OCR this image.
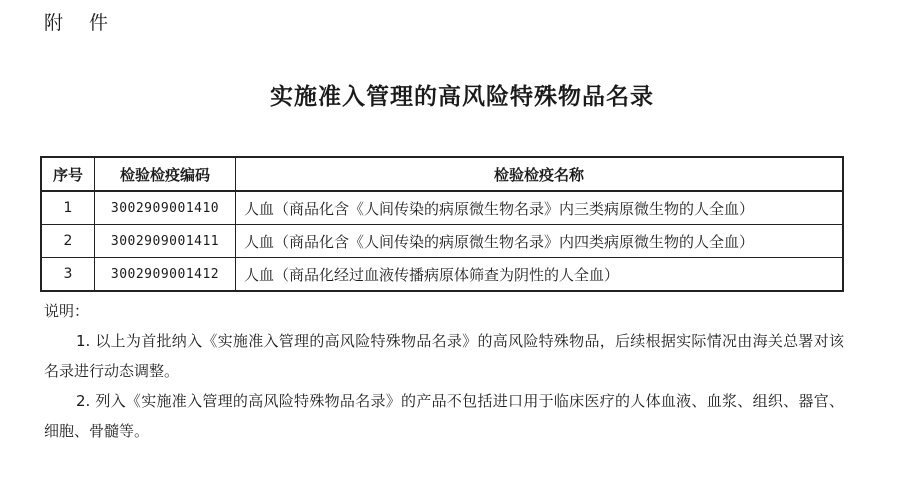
附件
实施准入管理的高风险特殊物品名录
序号	检验检疫编码	检验检疫名称
1	3002909001410	人血（商品化含《人间传染的病原微生物名录》内三类病原微生物的人全血）
2	3002909001411	人血（商品化含《人间传染的病原微生物名录》内四类病原微生物的人全血）
3	3002909001412	人血（商品化经过血液传播病原体筛查为阴性的人全血）
说明：
1. 以上为首批纳入《实施准入管理的高风险特殊物品名录》的高风险特殊物品，后续根据实际情况由海关总署对该名录进行动态调整。
2. 列入《实施准入管理的高风险特殊物品名录》的产品不包括进口用于临床医疗的人体血液、血浆、组织、器官、细胞、骨髓等。
